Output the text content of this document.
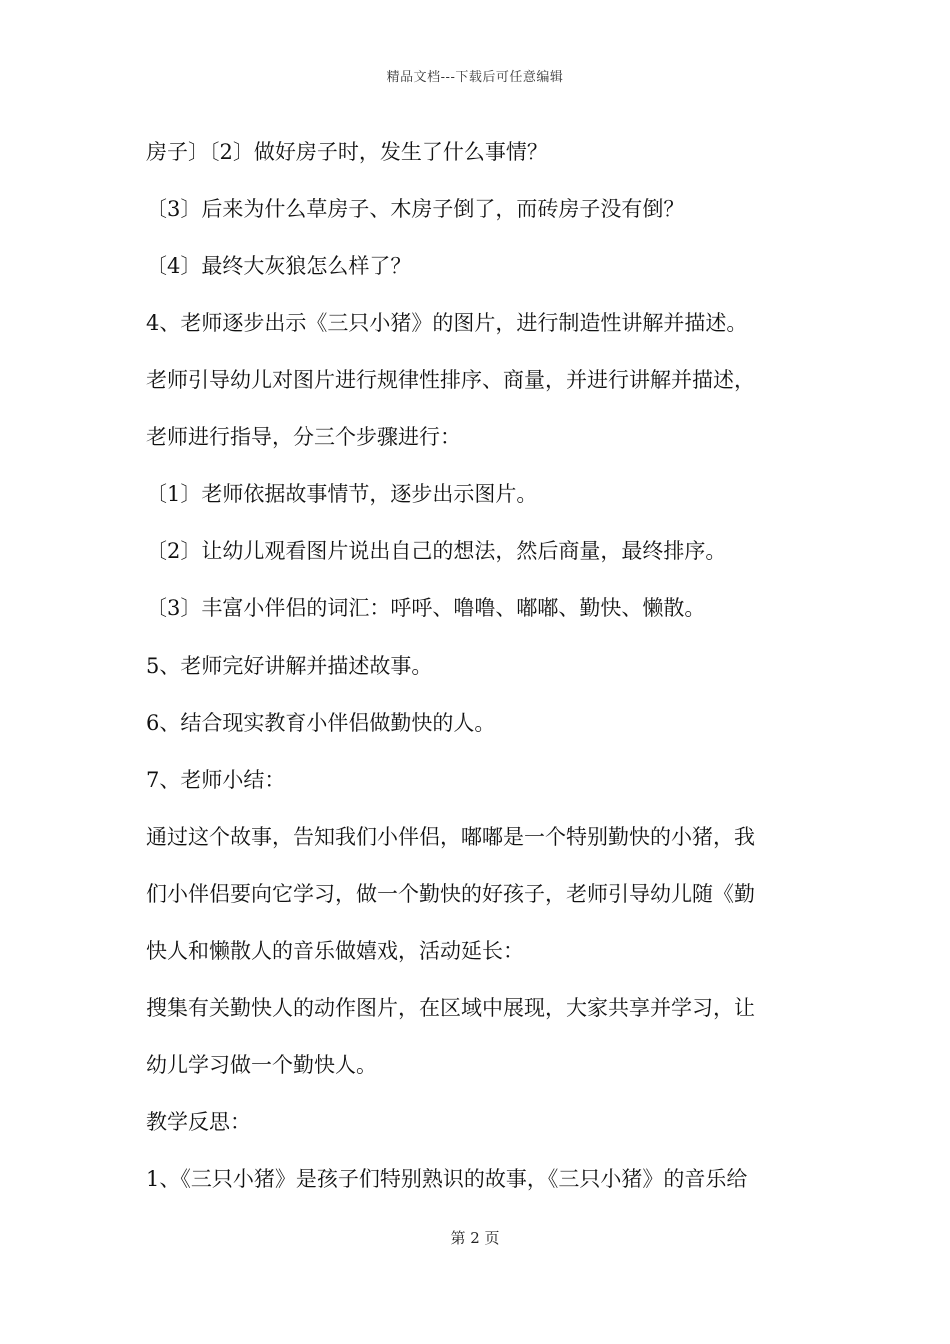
精品文档---下载后可任意编辑
房子〕〔2〕做好房子时，发生了什么事情？
〔3〕后来为什么草房子、木房子倒了，而砖房子没有倒？
〔4〕最终大灰狼怎么样了？
4、老师逐步出示《三只小猪》的图片，进行制造性讲解并描述。
老师引导幼儿对图片进行规律性排序、商量，并进行讲解并描述，
老师进行指导，分三个步骤进行：
〔1〕老师依据故事情节，逐步出示图片。
〔2〕让幼儿观看图片说出自己的想法，然后商量，最终排序。
〔3〕丰富小伴侣的词汇：呼呼、噜噜、嘟嘟、勤快、懒散。
5、老师完好讲解并描述故事。
6、结合现实教育小伴侣做勤快的人。
7、老师小结：
通过这个故事，告知我们小伴侣，嘟嘟是一个特别勤快的小猪，我
们小伴侣要向它学习，做一个勤快的好孩子，老师引导幼儿随《勤
快人和懒散人的音乐做嬉戏，活动延长：
搜集有关勤快人的动作图片，在区域中展现，大家共享并学习，让
幼儿学习做一个勤快人。
教学反思：
1、《三只小猪》是孩子们特别熟识的故事，《三只小猪》的音乐给
第 2 页
